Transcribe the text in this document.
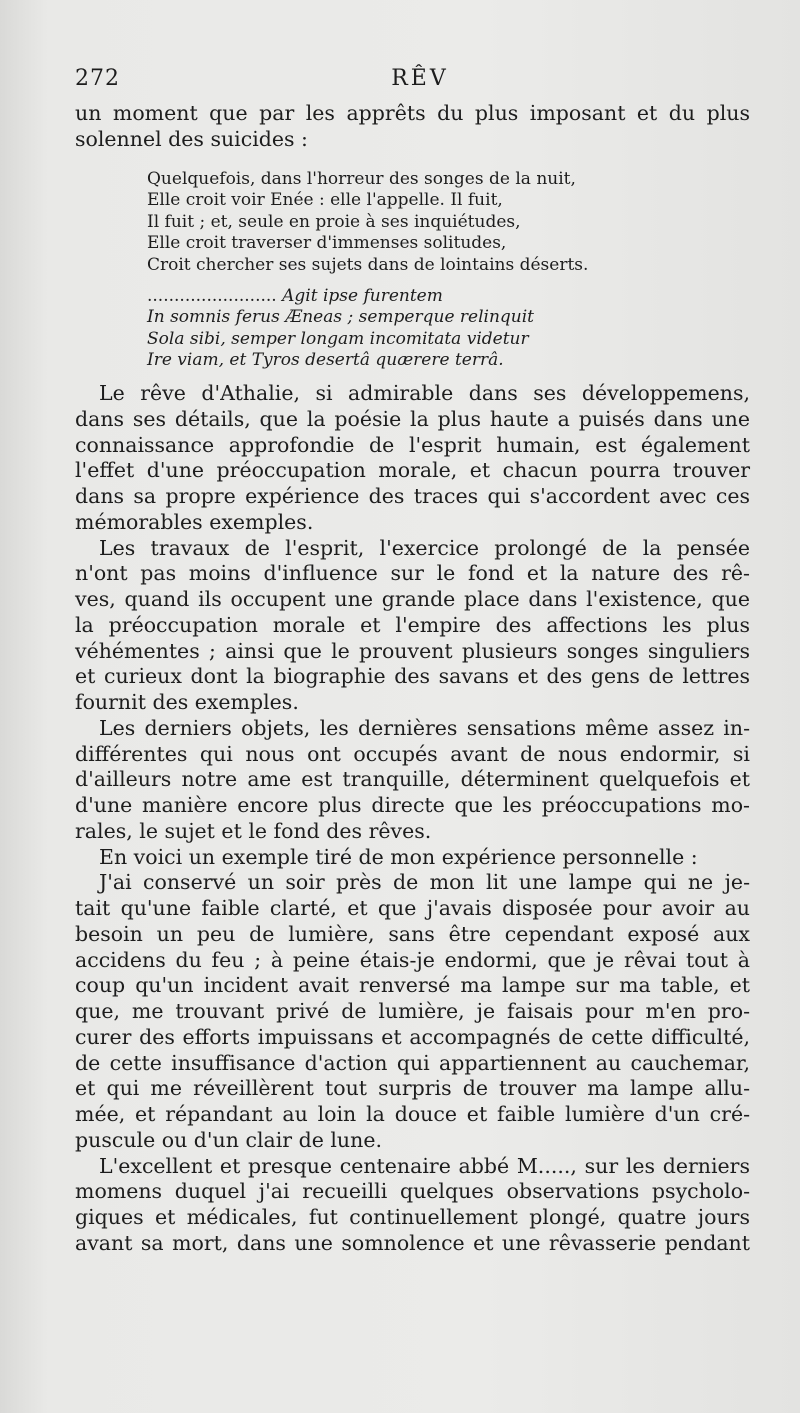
272	RÊV
un moment que par les apprêts du plus imposant et du plus
solennel des suicides :
Quelquefois, dans l'horreur des songes de la nuit,
Elle croit voir Enée : elle l'appelle. Il fuit,
Il fuit ; et, seule en proie à ses inquiétudes,
Elle croit traverser d'immenses solitudes,
Croit chercher ses sujets dans de lointains déserts.
........................ Agit ipse furentem
In somnis ferus Æneas ; semperque relinquit
Sola sibi, semper longam incomitata videtur
Ire viam, et Tyros desertâ quærere terrâ.
Le rêve d'Athalie, si admirable dans ses développemens,
dans ses détails, que la poésie la plus haute a puisés dans une
connaissance approfondie de l'esprit humain, est également
l'effet d'une préoccupation morale, et chacun pourra trouver
dans sa propre expérience des traces qui s'accordent avec ces
mémorables exemples.
Les travaux de l'esprit, l'exercice prolongé de la pensée
n'ont pas moins d'influence sur le fond et la nature des rê-
ves, quand ils occupent une grande place dans l'existence, que
la préoccupation morale et l'empire des affections les plus
véhémentes ; ainsi que le prouvent plusieurs songes singuliers
et curieux dont la biographie des savans et des gens de lettres
fournit des exemples.
Les derniers objets, les dernières sensations même assez in-
différentes qui nous ont occupés avant de nous endormir, si
d'ailleurs notre ame est tranquille, déterminent quelquefois et
d'une manière encore plus directe que les préoccupations mo-
rales, le sujet et le fond des rêves.
En voici un exemple tiré de mon expérience personnelle :
J'ai conservé un soir près de mon lit une lampe qui ne je-
tait qu'une faible clarté, et que j'avais disposée pour avoir au
besoin un peu de lumière, sans être cependant exposé aux
accidens du feu ; à peine étais-je endormi, que je rêvai tout à
coup qu'un incident avait renversé ma lampe sur ma table, et
que, me trouvant privé de lumière, je faisais pour m'en pro-
curer des efforts impuissans et accompagnés de cette difficulté,
de cette insuffisance d'action qui appartiennent au cauchemar,
et qui me réveillèrent tout surpris de trouver ma lampe allu-
mée, et répandant au loin la douce et faible lumière d'un cré-
puscule ou d'un clair de lune.
L'excellent et presque centenaire abbé M....., sur les derniers
momens duquel j'ai recueilli quelques observations psycholo-
giques et médicales, fut continuellement plongé, quatre jours
avant sa mort, dans une somnolence et une rêvasserie pendant
